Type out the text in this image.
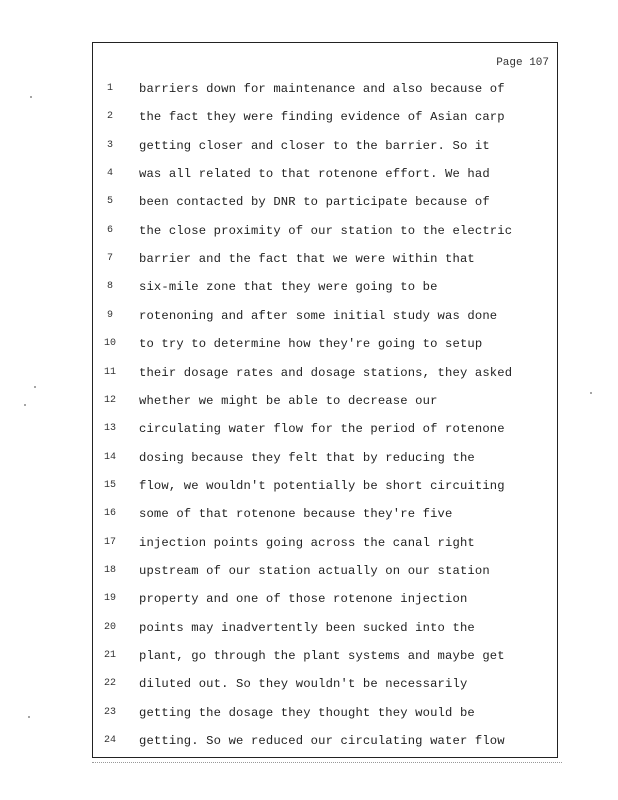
Page 107
1	barriers down for maintenance and also because of
2	the fact they were finding evidence of Asian carp
3	getting closer and closer to the barrier. So it
4	was all related to that rotenone effort. We had
5	been contacted by DNR to participate because of
6	the close proximity of our station to the electric
7	barrier and the fact that we were within that
8	six-mile zone that they were going to be
9	rotenoning and after some initial study was done
10	to try to determine how they're going to setup
11	their dosage rates and dosage stations, they asked
12	whether we might be able to decrease our
13	circulating water flow for the period of rotenone
14	dosing because they felt that by reducing the
15	flow, we wouldn't potentially be short circuiting
16	some of that rotenone because they're five
17	injection points going across the canal right
18	upstream of our station actually on our station
19	property and one of those rotenone injection
20	points may inadvertently been sucked into the
21	plant, go through the plant systems and maybe get
22	diluted out. So they wouldn't be necessarily
23	getting the dosage they thought they would be
24	getting. So we reduced our circulating water flow
